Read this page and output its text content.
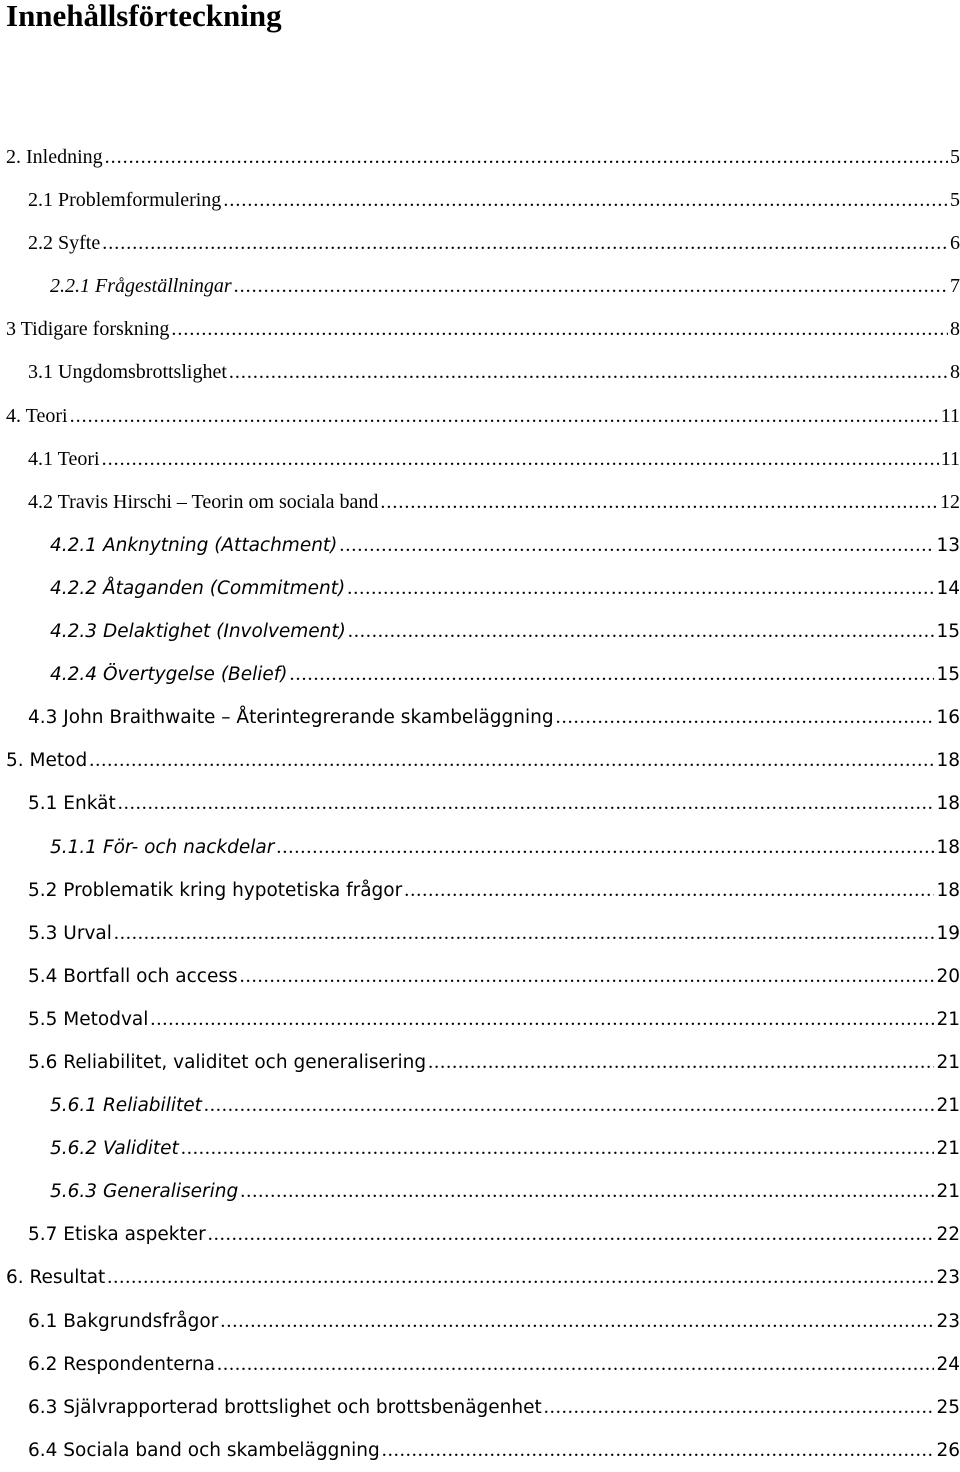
Innehållsförteckning
2. Inledning .....	5
2.1 Problemformulering .....	5
2.2 Syfte .....	6
2.2.1 Frågeställningar .....	7
3 Tidigare forskning .....	8
3.1 Ungdomsbrottslighet .....	8
4. Teori .....	11
4.1 Teori .....	11
4.2 Travis Hirschi – Teorin om sociala band .....	12
4.2.1 Anknytning (Attachment) .....	13
4.2.2 Åtaganden (Commitment) .....	14
4.2.3 Delaktighet (Involvement) .....	15
4.2.4 Övertygelse (Belief) .....	15
4.3 John Braithwaite – Återintegrerande skambeläggning .....	16
5. Metod .....	18
5.1 Enkät .....	18
5.1.1 För- och nackdelar .....	18
5.2 Problematik kring hypotetiska frågor .....	18
5.3 Urval .....	19
5.4 Bortfall och access .....	20
5.5 Metodval .....	21
5.6 Reliabilitet, validitet och generalisering .....	21
5.6.1 Reliabilitet .....	21
5.6.2 Validitet .....	21
5.6.3 Generalisering .....	21
5.7 Etiska aspekter .....	22
6. Resultat .....	23
6.1 Bakgrundsfrågor .....	23
6.2 Respondenterna .....	24
6.3 Självrapporterad brottslighet och brottsbenägenhet .....	25
6.4 Sociala band och skambeläggning .....	26
